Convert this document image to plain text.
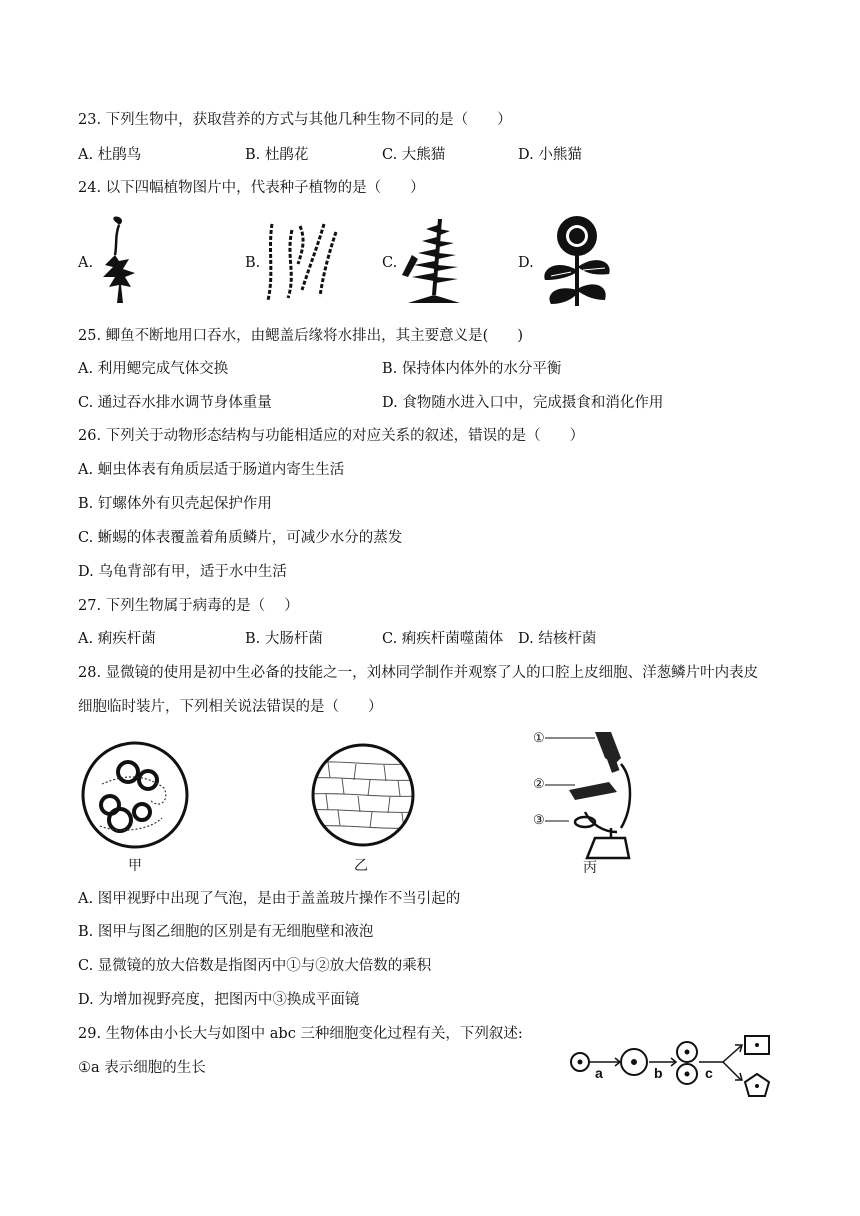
23. 下列生物中，获取营养的方式与其他几种生物不同的是（　　）
A. 杜鹃鸟	B. 杜鹃花	C. 大熊猫	D. 小熊猫
24. 以下四幅植物图片中，代表种子植物的是（　　）
A.	B.	C.	D.
25. 鲫鱼不断地用口吞水，由鳃盖后缘将水排出，其主要意义是(　　)
A. 利用鳃完成气体交换	B. 保持体内体外的水分平衡
C. 通过吞水排水调节身体重量	D. 食物随水进入口中，完成摄食和消化作用
26. 下列关于动物形态结构与功能相适应的对应关系的叙述，错误的是（　　）
A. 蛔虫体表有角质层适于肠道内寄生生活
B. 钉螺体外有贝壳起保护作用
C. 蜥蜴的体表覆盖着角质鳞片，可减少水分的蒸发
D. 乌龟背部有甲，适于水中生活
27. 下列生物属于病毒的是（　 ）
A. 痢疾杆菌	B. 大肠杆菌	C. 痢疾杆菌噬菌体 D. 结核杆菌
28. 显微镜的使用是初中生必备的技能之一，刘林同学制作并观察了人的口腔上皮细胞、洋葱鳞片叶内表皮
细胞临时装片，下列相关说法错误的是（　　）
甲	乙
①
②
③
丙
A. 图甲视野中出现了气泡，是由于盖盖玻片操作不当引起的
B. 图甲与图乙细胞的区别是有无细胞壁和液泡
C. 显微镜的放大倍数是指图丙中①与②放大倍数的乘积
D. 为增加视野亮度，把图丙中③换成平面镜
29. 生物体由小长大与如图中 abc 三种细胞变化过程有关，下列叙述:
①a 表示细胞的生长	a	b	c
